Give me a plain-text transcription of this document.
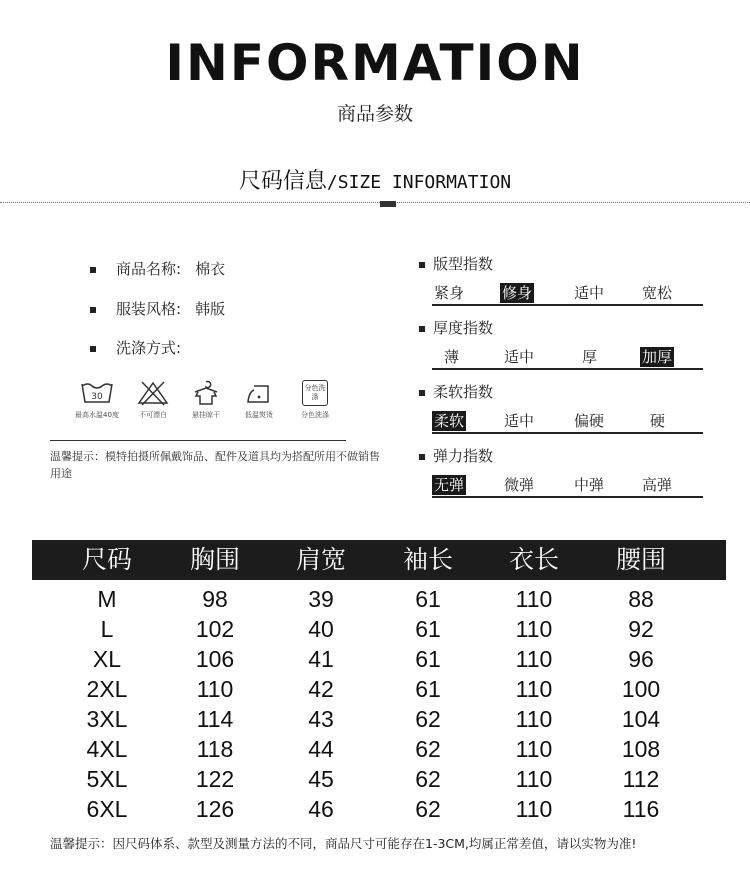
INFORMATION
商品参数
尺码信息/SIZE INFORMATION
商品名称: 棉衣
服装风格: 韩版
洗涤方式:
30
最高水温40度	不可漂白	悬挂晾干	低温熨烫
分色洗涤
分色洗涤
温馨提示：模特拍摄所佩戴饰品、配件及道具均为搭配所用不做销售用途
版型指数
紧身	修身	适中	宽松
厚度指数
薄	适中	厚	加厚
柔软指数
柔软	适中	偏硬	硬
弹力指数
无弹	微弹	中弹	高弹
尺码	胸围	肩宽	袖长	衣长	腰围
M	98	39	61	110	88
L	102	40	61	110	92
XL	106	41	61	110	96
2XL	110	42	61	110	100
3XL	114	43	62	110	104
4XL	118	44	62	110	108
5XL	122	45	62	110	112
6XL	126	46	62	110	116
温馨提示：因尺码体系、款型及测量方法的不同，商品尺寸可能存在1-3CM,均属正常差值，请以实物为准!
